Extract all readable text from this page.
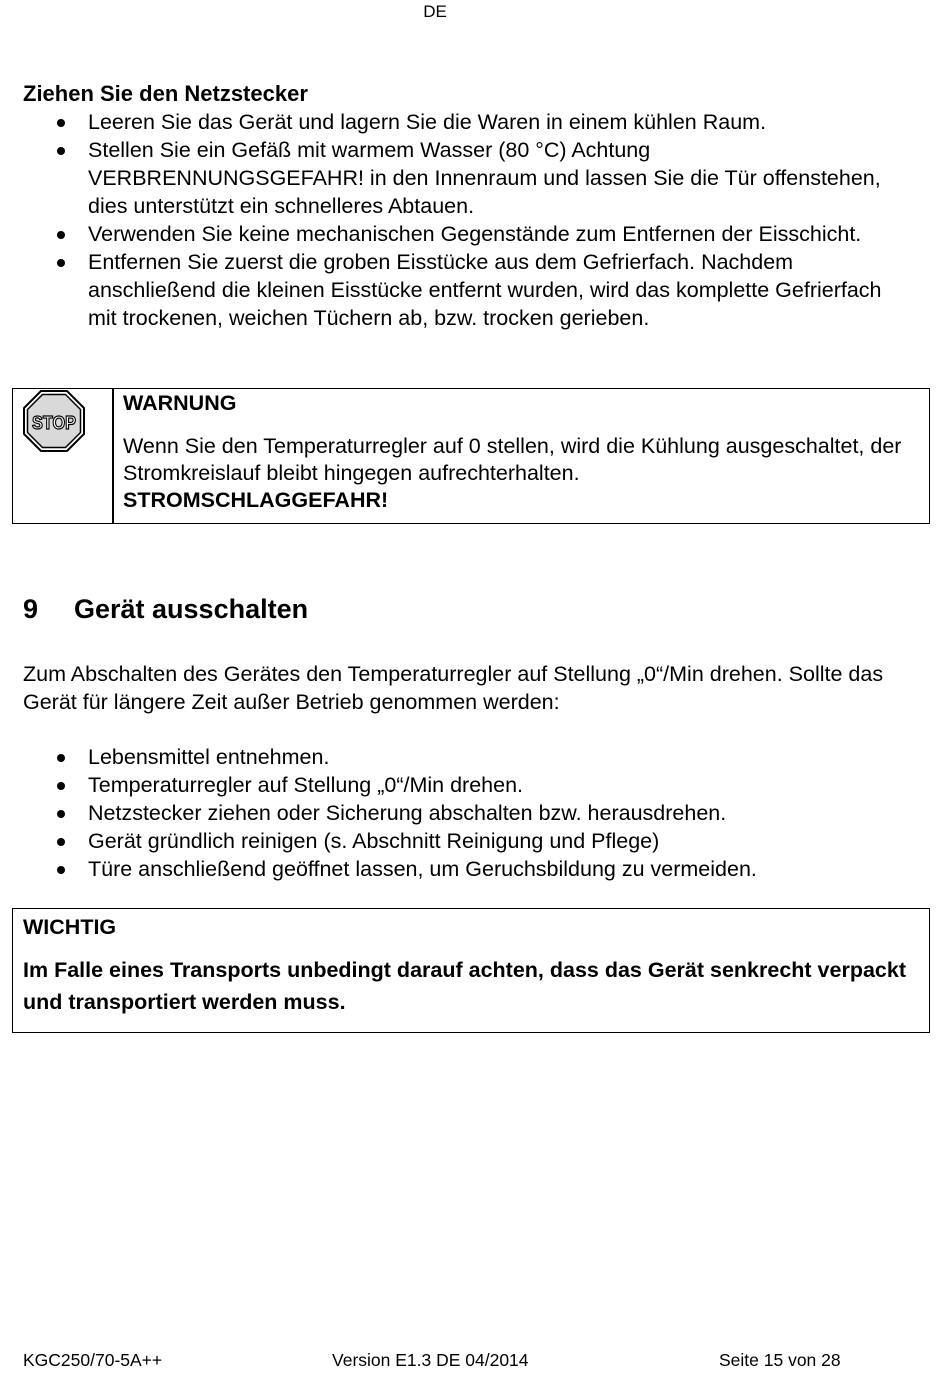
DE
Ziehen Sie den Netzstecker
Leeren Sie das Gerät und lagern Sie die Waren in einem kühlen Raum.
Stellen Sie ein Gefäß mit warmem Wasser (80 °C) Achtung VERBRENNUNGSGEFAHR! in den Innenraum und lassen Sie die Tür offenstehen, dies unterstützt ein schnelleres Abtauen.
Verwenden Sie keine mechanischen Gegenstände zum Entfernen der Eisschicht.
Entfernen Sie zuerst die groben Eisstücke aus dem Gefrierfach. Nachdem anschließend die kleinen Eisstücke entfernt wurden, wird das komplette Gefrierfach mit trockenen, weichen Tüchern ab, bzw. trocken gerieben.
STOP
WARNUNG
Wenn Sie den Temperaturregler auf 0 stellen, wird die Kühlung ausgeschaltet, der Stromkreislauf bleibt hingegen aufrechterhalten.
STROMSCHLAGGEFAHR!
9 Gerät ausschalten

Zum Abschalten des Gerätes den Temperaturregler auf Stellung „0“/Min drehen. Sollte das Gerät für längere Zeit außer Betrieb genommen werden:

Lebensmittel entnehmen.
Temperaturregler auf Stellung „0“/Min drehen.
Netzstecker ziehen oder Sicherung abschalten bzw. herausdrehen.
Gerät gründlich reinigen (s. Abschnitt Reinigung und Pflege)
Türe anschließend geöffnet lassen, um Geruchsbildung zu vermeiden.
WICHTIG
Im Falle eines Transports unbedingt darauf achten, dass das Gerät senkrecht verpackt und transportiert werden muss.
KGC250/70-5A++	Version E1.3 DE 04/2014	Seite 15 von 28
